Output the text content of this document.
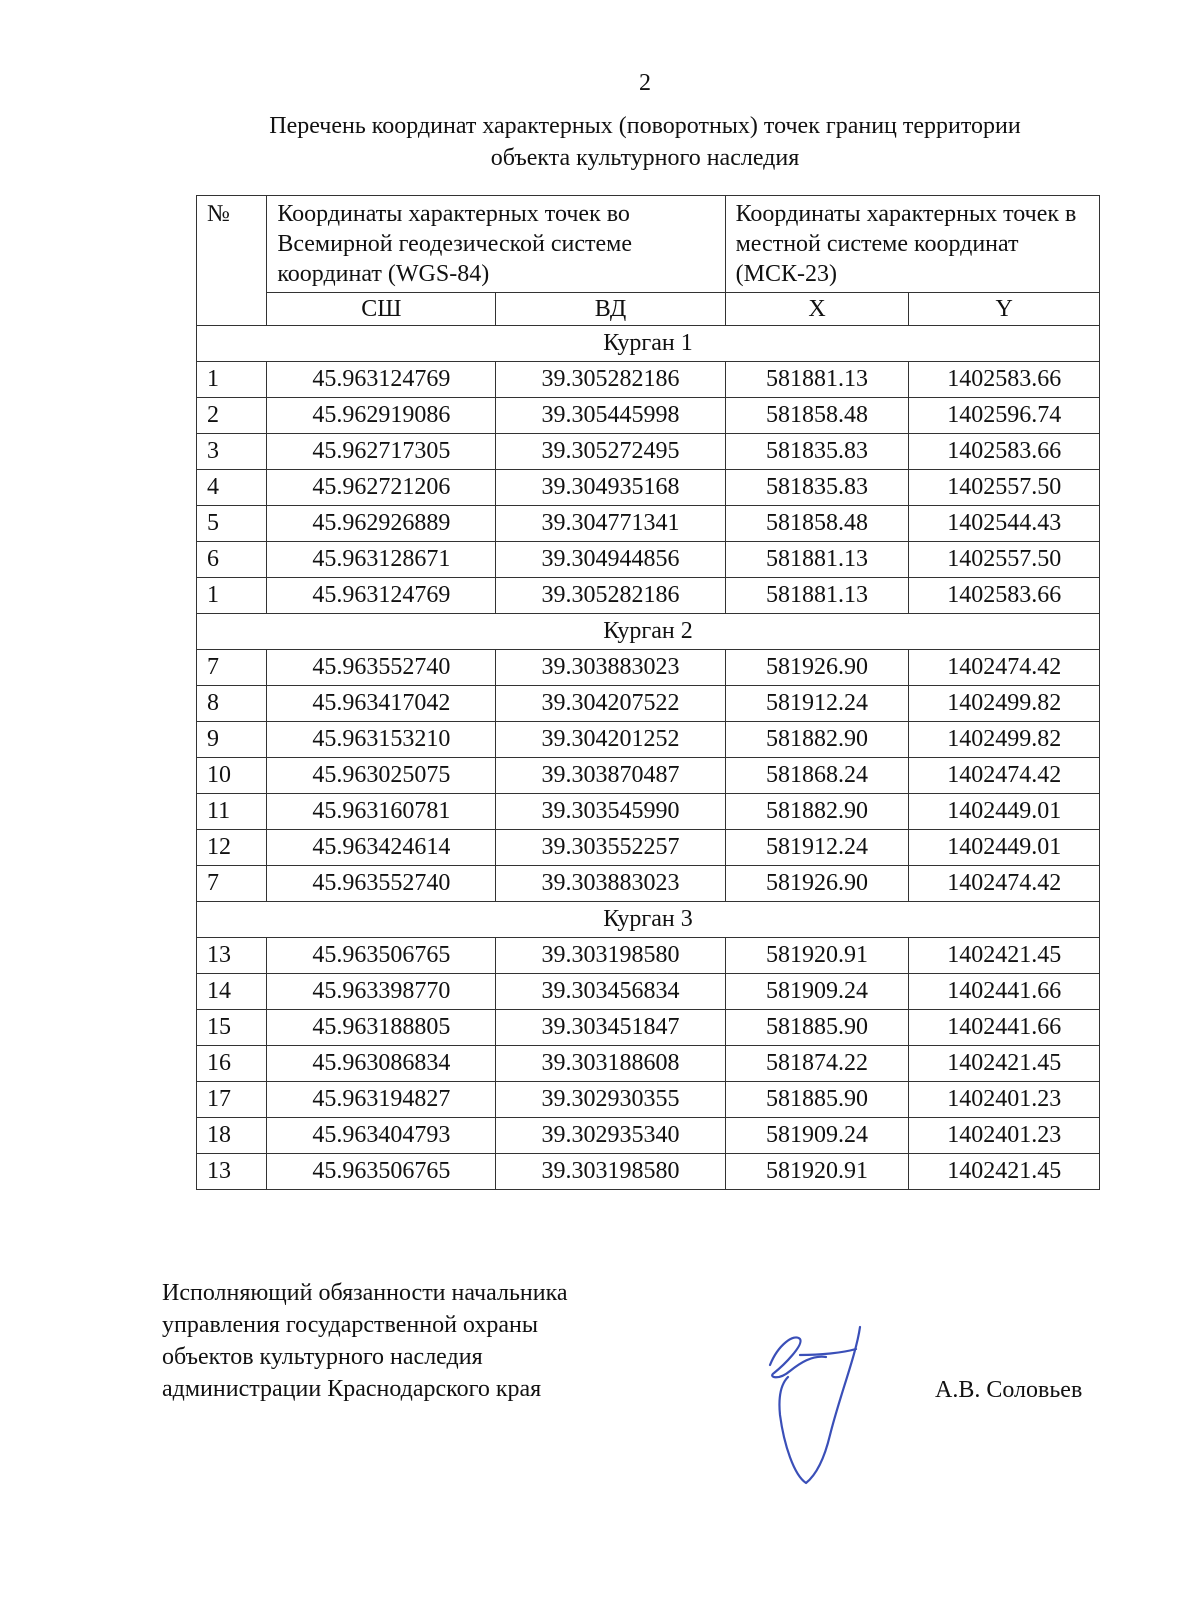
2
Перечень координат характерных (поворотных) точек границ территории
объекта культурного наследия
№	Координаты характерных точек во Всемирной геодезической системе координат (WGS-84)		Координаты характерных точек в местной системе координат (МСК-23)	
	СШ	ВД	X	Y
Курган 1				
1	45.963124769	39.305282186	581881.13	1402583.66
2	45.962919086	39.305445998	581858.48	1402596.74
3	45.962717305	39.305272495	581835.83	1402583.66
4	45.962721206	39.304935168	581835.83	1402557.50
5	45.962926889	39.304771341	581858.48	1402544.43
6	45.963128671	39.304944856	581881.13	1402557.50
1	45.963124769	39.305282186	581881.13	1402583.66
Курган 2				
7	45.963552740	39.303883023	581926.90	1402474.42
8	45.963417042	39.304207522	581912.24	1402499.82
9	45.963153210	39.304201252	581882.90	1402499.82
10	45.963025075	39.303870487	581868.24	1402474.42
11	45.963160781	39.303545990	581882.90	1402449.01
12	45.963424614	39.303552257	581912.24	1402449.01
7	45.963552740	39.303883023	581926.90	1402474.42
Курган 3				
13	45.963506765	39.303198580	581920.91	1402421.45
14	45.963398770	39.303456834	581909.24	1402441.66
15	45.963188805	39.303451847	581885.90	1402441.66
16	45.963086834	39.303188608	581874.22	1402421.45
17	45.963194827	39.302930355	581885.90	1402401.23
18	45.963404793	39.302935340	581909.24	1402401.23
13	45.963506765	39.303198580	581920.91	1402421.45
Исполняющий обязанности начальника
управления государственной охраны
объектов культурного наследия
администрации Краснодарского края	А.В. Соловьев
